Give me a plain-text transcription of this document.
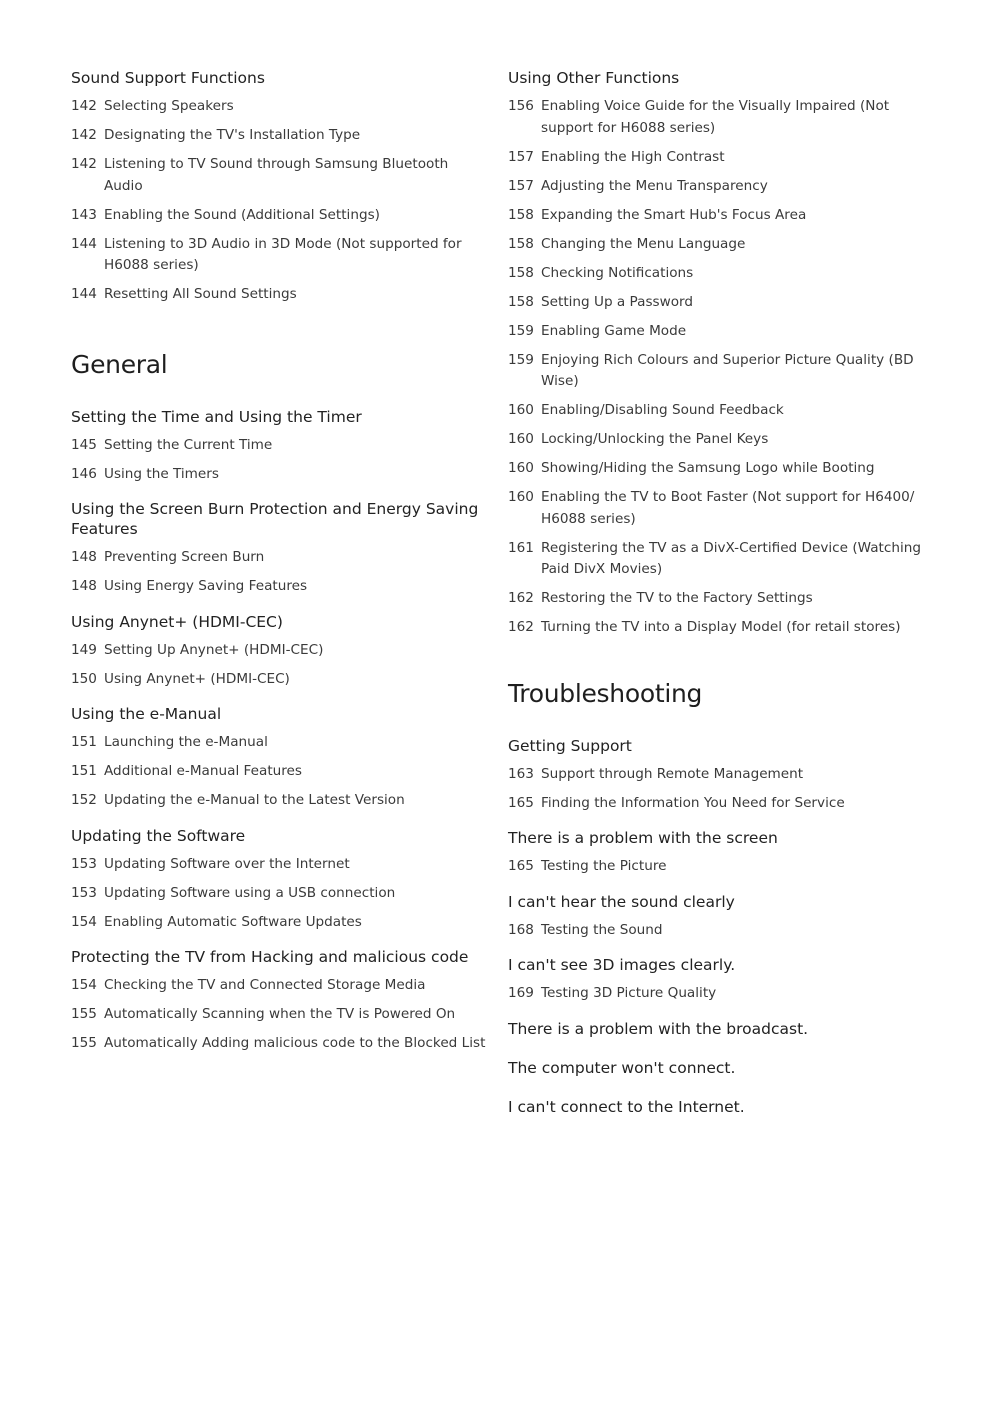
Sound Support Functions
142 Selecting Speakers
142 Designating the TV's Installation Type
142 Listening to TV Sound through Samsung Bluetooth Audio
143 Enabling the Sound (Additional Settings)
144 Listening to 3D Audio in 3D Mode (Not supported for H6088 series)
144 Resetting All Sound Settings
General
Setting the Time and Using the Timer
145 Setting the Current Time
146 Using the Timers
Using the Screen Burn Protection and Energy Saving Features
148 Preventing Screen Burn
148 Using Energy Saving Features
Using Anynet+ (HDMI-CEC)
149 Setting Up Anynet+ (HDMI-CEC)
150 Using Anynet+ (HDMI-CEC)
Using the e-Manual
151 Launching the e-Manual
151 Additional e-Manual Features
152 Updating the e-Manual to the Latest Version
Updating the Software
153 Updating Software over the Internet
153 Updating Software using a USB connection
154 Enabling Automatic Software Updates
Protecting the TV from Hacking and malicious code
154 Checking the TV and Connected Storage Media
155 Automatically Scanning when the TV is Powered On
155 Automatically Adding malicious code to the Blocked List
Using Other Functions
156 Enabling Voice Guide for the Visually Impaired (Not support for H6088 series)
157 Enabling the High Contrast
157 Adjusting the Menu Transparency
158 Expanding the Smart Hub's Focus Area
158 Changing the Menu Language
158 Checking Notifications
158 Setting Up a Password
159 Enabling Game Mode
159 Enjoying Rich Colours and Superior Picture Quality (BD Wise)
160 Enabling/Disabling Sound Feedback
160 Locking/Unlocking the Panel Keys
160 Showing/Hiding the Samsung Logo while Booting
160 Enabling the TV to Boot Faster (Not support for H6400/ H6088 series)
161 Registering the TV as a DivX-Certified Device (Watching Paid DivX Movies)
162 Restoring the TV to the Factory Settings
162 Turning the TV into a Display Model (for retail stores)
Troubleshooting
Getting Support
163 Support through Remote Management
165 Finding the Information You Need for Service
There is a problem with the screen
165 Testing the Picture
I can't hear the sound clearly
168 Testing the Sound
I can't see 3D images clearly.
169 Testing 3D Picture Quality
There is a problem with the broadcast.
The computer won't connect.
I can't connect to the Internet.
